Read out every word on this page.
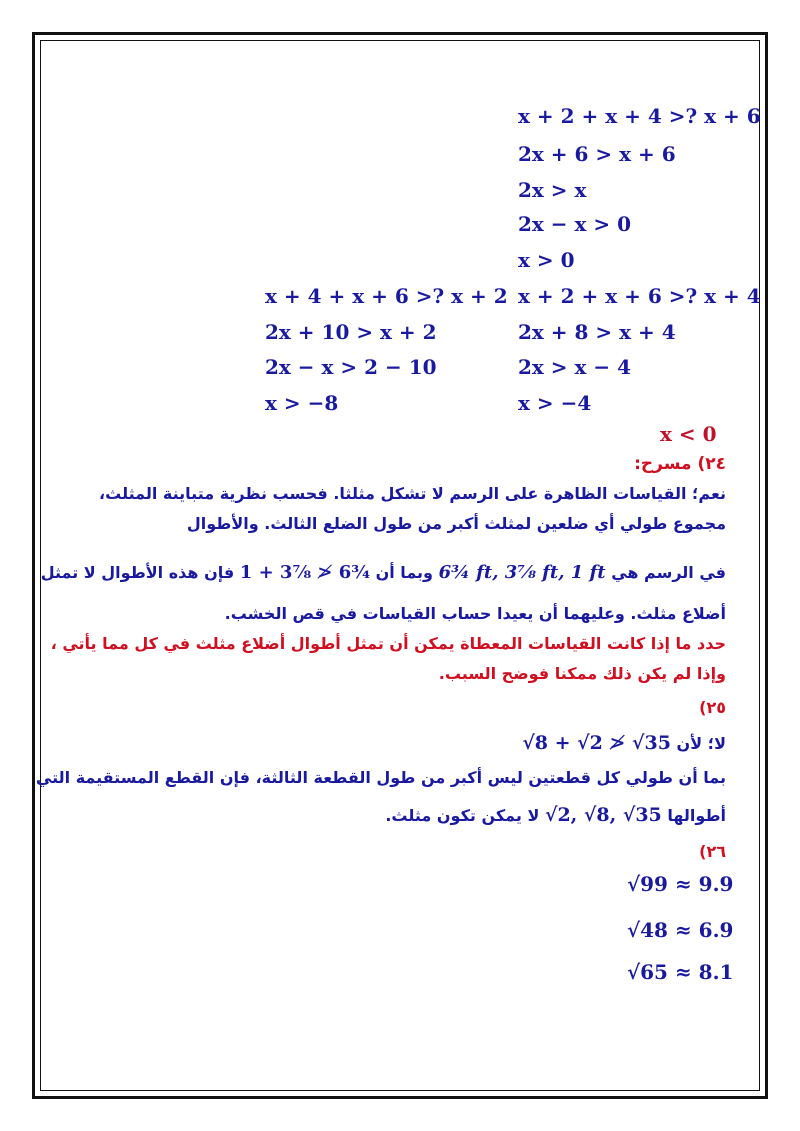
x + 2 + x + 4 >? x + 6
2x + 6 > x + 6
2x > x
2x − x > 0
x > 0
x + 2 + x + 6 >? x + 4
2x + 8 > x + 4
2x > x − 4
x > −4
x + 4 + x + 6 >? x + 2
2x + 10 > x + 2
2x − x > 2 − 10
x > −8
x < 0
٢٤) مسرح:
نعم؛ القياسات الظاهرة على الرسم لا تشكل مثلثا. فحسب نظرية متباينة المثلث،
مجموع طولي أي ضلعين لمثلث أكبر من طول الضلع الثالث. والأطوال
في الرسم هي 6¾ ft, 3⅞ ft, 1 ft وبما أن 1 + 3⅞ ≯ 6¾ فإن هذه الأطوال لا تمثل
أضلاع مثلث. وعليهما أن يعيدا حساب القياسات في قص الخشب.
حدد ما إذا كانت القياسات المعطاة يمكن أن تمثل أطوال أضلاع مثلث في كل مما يأتي ،
وإذا لم يكن ذلك ممكنا فوضح السبب.
٢٥)
لا؛ لأن √8 + √2 ≯ √35
بما أن طولي كل قطعتين ليس أكبر من طول القطعة الثالثة، فإن القطع المستقيمة التي
أطوالها √2, √8, √35 لا يمكن تكون مثلث.
٢٦)
√99 ≈ 9.9
√48 ≈ 6.9
√65 ≈ 8.1
